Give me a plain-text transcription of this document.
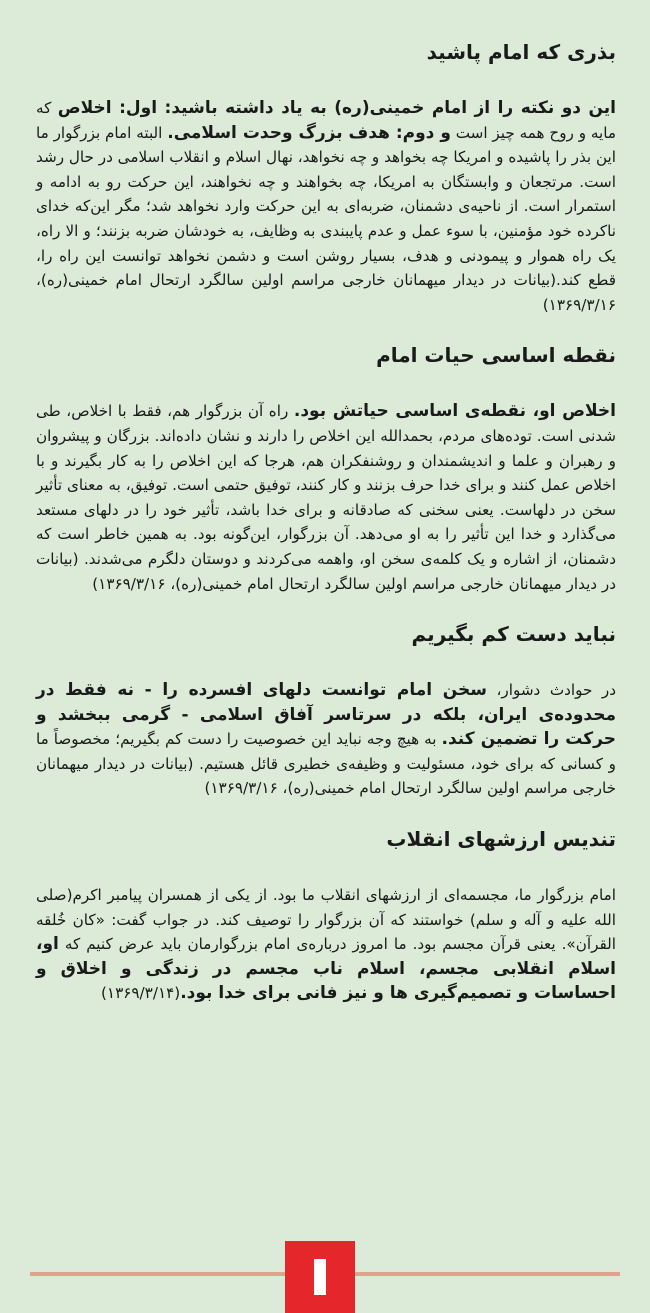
بذری که امام پاشید

این دو نکته را از امام خمینی(ره) به یاد داشته باشید: اول: اخلاص که مایه و روح همه چیز است و دوم: هدف بزرگ وحدت اسلامی. البته امام بزرگوار ما این بذر را پاشیده و امریکا چه بخواهد و چه نخواهد، نهال اسلام و انقلاب اسلامی در حال رشد است. مرتجعان و وابستگان به امریکا، چه بخواهند و چه نخواهند، این حرکت رو به ادامه و استمرار است. از ناحیه‌ی دشمنان، ضربه‌ای به این حرکت وارد نخواهد شد؛ مگر این‌که خدای ناکرده خود مؤمنین، با سوء عمل و عدم پایبندی به وظایف، به خودشان ضربه بزنند؛ و الا راه، یک راه هموار و پیمودنی و هدف، بسیار روشن است و دشمن نخواهد توانست این راه را، قطع کند.(بیانات در دیدار میهمانان خارجی مراسم اولین سالگرد ارتحال امام خمینی(ره)، ۱۳۶۹/۳/۱۶)

نقطه اساسی حیات امام

اخلاص او، نقطه‌ی اساسی حیاتش بود. راه آن بزرگوار هم، فقط با اخلاص، طی شدنی است. توده‌های مردم، بحمدالله این اخلاص را دارند و نشان داده‌اند. بزرگان و پیشروان و رهبران و علما و اندیشمندان و روشنفکران هم، هرجا که این اخلاص را به کار بگیرند و با اخلاص عمل کنند و برای خدا حرف بزنند و کار کنند، توفیق حتمی است. توفیق، به معنای تأثیر سخن در دلهاست. یعنی سخنی که صادقانه و برای خدا باشد، تأثیر خود را در دلهای مستعد می‌گذارد و خدا این تأثیر را به او می‌دهد. آن بزرگوار، این‌گونه بود. به همین خاطر است که دشمنان، از اشاره و یک کلمه‌ی سخن او، واهمه می‌کردند و دوستان دلگرم می‌شدند. (بیانات در دیدار میهمانان خارجی مراسم اولین سالگرد ارتحال امام خمینی(ره)، ۱۳۶۹/۳/۱۶)

نباید دست کم بگیریم

در حوادث دشوار، سخن امام توانست دلهای افسرده را - نه فقط در محدوده‌ی ایران، بلکه در سرتاسر آفاق اسلامی - گرمی ببخشد و حرکت را تضمین کند. به هیچ وجه نباید این خصوصیت را دست کم بگیریم؛ مخصوصاً ما و کسانی که برای خود، مسئولیت و وظیفه‌ی خطیری قائل هستیم. (بیانات در دیدار میهمانان خارجی مراسم اولین سالگرد ارتحال امام خمینی(ره)، ۱۳۶۹/۳/۱۶)

تندیس ارزشهای انقلاب

امام بزرگوار ما، مجسمه‌ای از ارزشهای انقلاب ما بود. از یکی از همسران پیامبر اکرم(صلی الله علیه و آله و سلم) خواستند که آن بزرگوار را توصیف کند. در جواب گفت: «کان خُلقه القرآن». یعنی قرآن مجسم بود. ما امروز درباره‌ی امام بزرگوارمان باید عرض کنیم که او، اسلام انقلابی مجسم، اسلام ناب مجسم در زندگی و اخلاق و احساسات و تصمیم‌گیری ها و نیز فانی برای خدا بود.(۱۳۶۹/۳/۱۴)
